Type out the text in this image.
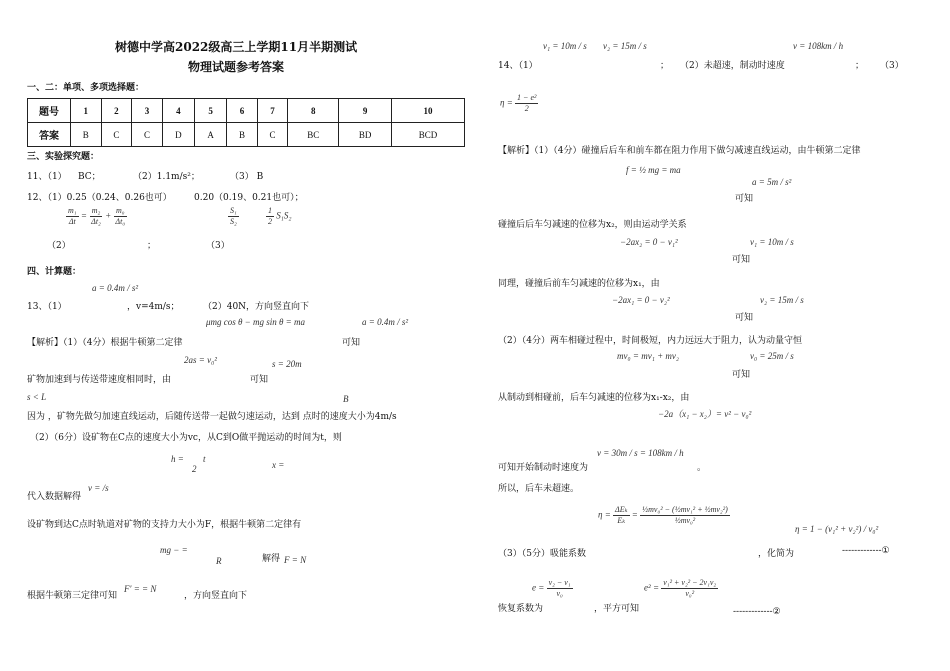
树德中学高2022级高三上学期11月半期测试
物理试题参考答案
一、二：单项、多项选择题：
题号	1	2	3	4	5	6	7	8	9	10
答案	B	C	C	D	A	B	C	BC	BD	BCD
三、实验探究题：
11、（1） BC；	（2）1.1m/s²；	（3） B
12、（1）0.25（0.24、0.26也可） 0.20（0.19、0.21也可）；
$\frac{\text{m₁}}{\Delta t} = \frac{\text{m₂}}{\text{Δt₂}} + \frac{\text{m₀}}{\text{Δt₀}}$	$\frac{\text{S₁}}{\text{S₂}}$	$\frac{1}{2} S_1S_2$
（2）	；	（3）
四、计算题：
a = 0.4m / s²
13、（1）	，v=4m/s；	（2）40N，方向竖直向下
μmg cos θ − mg sin θ = ma	a = 0.4m / s²
【解析】（1）（4分）根据牛顿第二定律	可知
2as = v₀²	s = 20m
矿物加速到与传送带速度相同时，由	可知
s < L	B
因为 ，矿物先做匀加速直线运动，后随传送带一起做匀速运动，达到 点时的速度大小为4m/s
（2）（6分）设矿物在C点的速度大小为vc，从C到O做平抛运动的时间为t，则
h = t
2	x =
代入数据解得
v = /s
设矿物到达C点时轨道对矿物的支持力大小为F，根据牛顿第二定律有
mg − =
R	解得 F = N
根据牛顿第三定律可知
F′ = = N
，方向竖直向下
v₁ = 10m / s v₂ = 15m / s	v = 108km / h
14、（1）	； （2）未超速，制动时速度	； （3）
$\eta = \frac{\text{1 − e²}}{2}$
【解析】（1）（4分）碰撞后后车和前车都在阻力作用下做匀减速直线运动，由牛顿第二定律
f = ½ mg = ma
a = 5m / s²
可知
碰撞后后车匀减速的位移为x₂，则由运动学关系
−2ax₂ = 0 − v₁²	v₁ = 10m / s
可知
同理，碰撞后前车匀减速的位移为x₁，由
−2ax₁ = 0 − v₂²	v₂ = 15m / s
可知
（2）（4分）两车相碰过程中，时间极短，内力远远大于阻力，认为动量守恒
mv₀ = mv₁ + mv₂	v₀ = 25m / s
可知
从制动到相碰前，后车匀减速的位移为x₁-x₂，由
−2a（x₁ − x₂）= v² − v₀²
v = 30m / s = 108km / h
可知开始制动时速度为	。
所以，后车未超速。
$\eta = \frac{\text{ΔEₖ}}{\text{Eₖ}} = \frac{\text{½mv₀² − (½mv₁² + ½mv₂²)}}{\text{½mv₀²}}$
η = 1 − (v₁² + v₂²) / v₀²
（3）（5分）吸能系数	，化简为	-------------①
$e = \frac{\text{v₂ − v₁}}{\text{v₀}}$	$e^2 = \frac{\text{v₁² + v₂² − 2v₁v₂}}{\text{v₀²}}$
恢复系数为	，平方可知	-------------②
